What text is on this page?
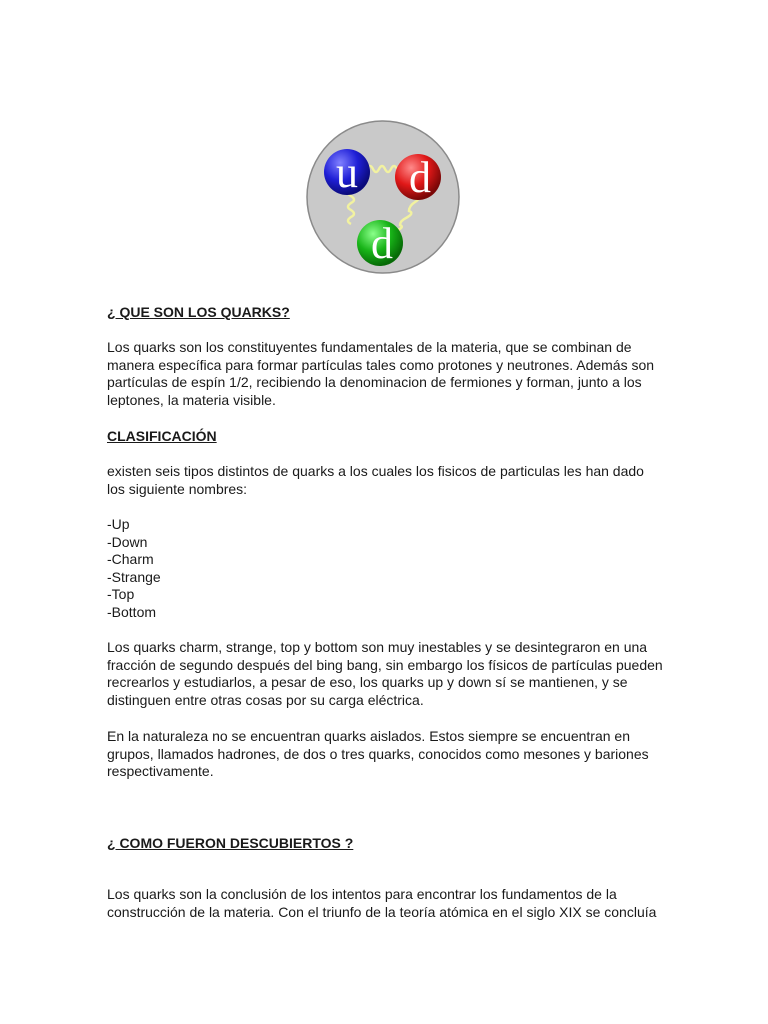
u d
d
¿ QUE SON LOS QUARKS?
Los quarks son los constituyentes fundamentales de la materia, que se combinan de
manera específica para formar partículas tales como protones y neutrones. Además son
partículas de espín 1/2, recibiendo la denominacion de fermiones y forman, junto a los
leptones, la materia visible.
CLASIFICACIÓN
existen seis tipos distintos de quarks a los cuales los fisicos de particulas les han dado
los siguiente nombres:
-Up
-Down
-Charm
-Strange
-Top
-Bottom
Los quarks charm, strange, top y bottom son muy inestables y se desintegraron en una
fracción de segundo después del bing bang, sin embargo los físicos de partículas pueden
recrearlos y estudiarlos, a pesar de eso, los quarks up y down sí se mantienen, y se
distinguen entre otras cosas por su carga eléctrica.
En la naturaleza no se encuentran quarks aislados. Estos siempre se encuentran en
grupos, llamados hadrones, de dos o tres quarks, conocidos como mesones y bariones
respectivamente.
¿ COMO FUERON DESCUBIERTOS ?
Los quarks son la conclusión de los intentos para encontrar los fundamentos de la
construcción de la materia. Con el triunfo de la teoría atómica en el siglo XIX se concluía
